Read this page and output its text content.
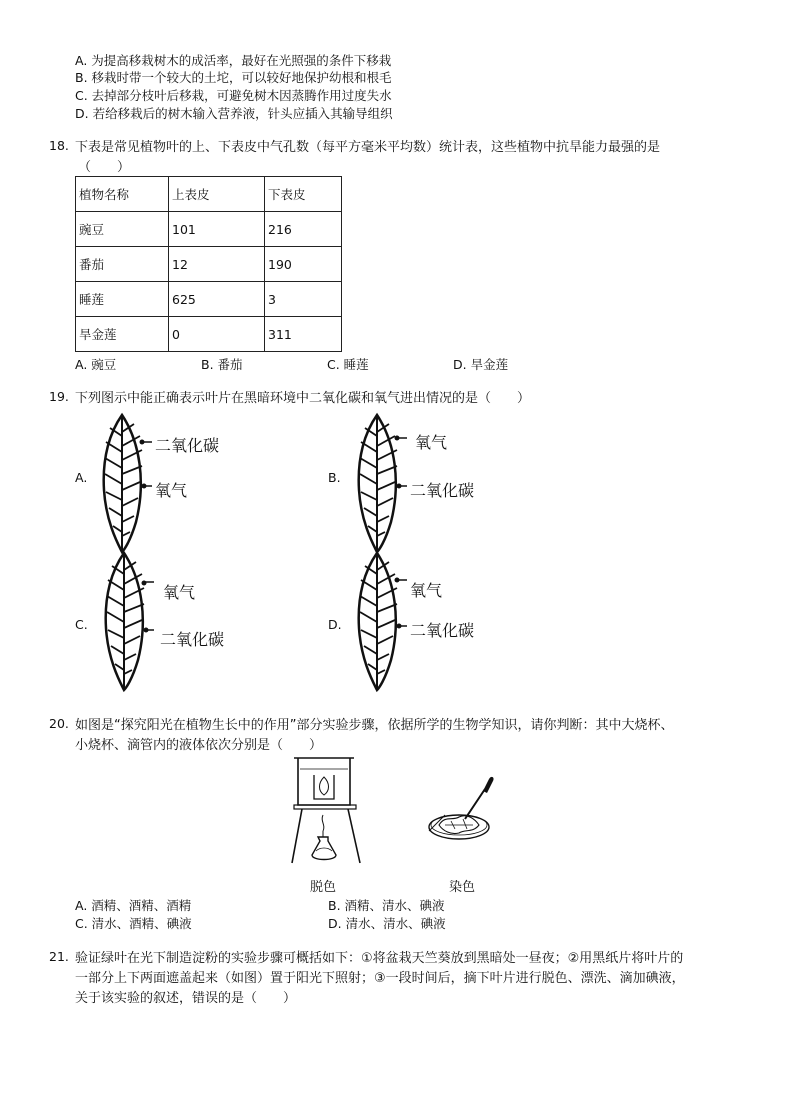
A. 为提高移栽树木的成活率，最好在光照强的条件下移栽
B. 移栽时带一个较大的土坨，可以较好地保护幼根和根毛
C. 去掉部分枝叶后移栽，可避免树木因蒸腾作用过度失水
D. 若给移栽后的树木输入营养液，针头应插入其输导组织
18. 下表是常见植物叶的上、下表皮中气孔数（每平方毫米平均数）统计表，这些植物中抗旱能力最强的是
（　　）
植物名称	上表皮	下表皮
豌豆	101	216
番茄	12	190
睡莲	625	3
旱金莲	0	311
A. 豌豆	B. 番茄	C. 睡莲	D. 旱金莲
19. 下列图示中能正确表示叶片在黑暗环境中二氧化碳和氧气进出情况的是（　　）
A.
二氧化碳
氧气
B.
氧气
二氧化碳
C.
氧气
二氧化碳
D.
氧气
二氧化碳
20. 如图是“探究阳光在植物生长中的作用”部分实验步骤，依据所学的生物学知识，请你判断：其中大烧杯、
小烧杯、滴管内的液体依次分别是（　　）
脱色	染色
A. 酒精、酒精、酒精	B. 酒精、清水、碘液
C. 清水、酒精、碘液	D. 清水、清水、碘液
21. 验证绿叶在光下制造淀粉的实验步骤可概括如下：①将盆栽天竺葵放到黑暗处一昼夜；②用黑纸片将叶片的
一部分上下两面遮盖起来（如图）置于阳光下照射；③一段时间后，摘下叶片进行脱色、漂洗、滴加碘液，
关于该实验的叙述，错误的是（　　）
